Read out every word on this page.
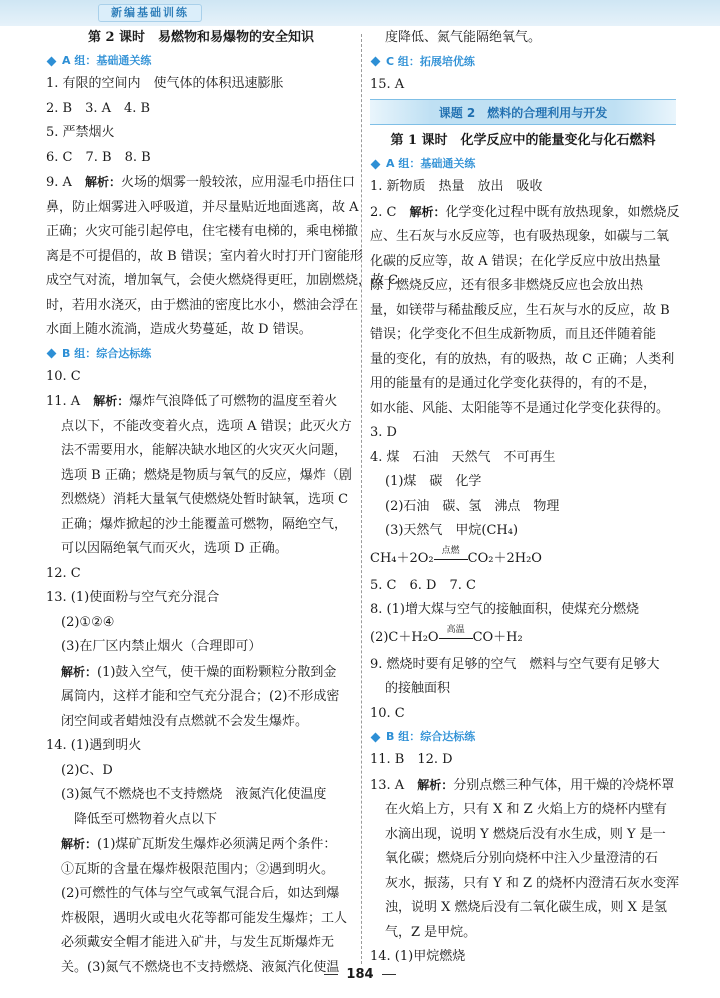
新编基础训练
第 2 课时　易燃物和易爆物的安全知识
A 组：基础通关练
1. 有限的空间内　使气体的体积迅速膨胀
2. B　3. A　4. B
5. 严禁烟火
6. C　7. B　8. B
9. A　解析：火场的烟雾一般较浓，应用湿毛巾捂住口
鼻，防止烟雾进入呼吸道，并尽量贴近地面逃离，故 A
正确；火灾可能引起停电，住宅楼有电梯的，乘电梯撤
离是不可提倡的，故 B 错误；室内着火时打开门窗能形
成空气对流，增加氧气，会使火燃烧得更旺，加剧燃烧，故 C
时，若用水浇灭，由于燃油的密度比水小，燃油会浮在
水面上随水流淌，造成火势蔓延，故 D 错误。
B 组：综合达标练
10. C
11. A　解析：爆炸气浪降低了可燃物的温度至着火
点以下，不能改变着火点，选项 A 错误；此灭火方
法不需要用水，能解决缺水地区的火灾灭火问题，
选项 B 正确；燃烧是物质与氧气的反应，爆炸（剧
烈燃烧）消耗大量氧气使燃烧处暂时缺氧，选项 C
正确；爆炸掀起的沙土能覆盖可燃物，隔绝空气，
可以因隔绝氧气而灭火，选项 D 正确。
12. C
13. (1)使面粉与空气充分混合
(2)①②④
(3)在厂区内禁止烟火（合理即可）
解析：(1)鼓入空气，使干燥的面粉颗粒分散到金
属筒内，这样才能和空气充分混合；(2)不形成密
闭空间或者蜡烛没有点燃就不会发生爆炸。
14. (1)遇到明火
(2)C、D
(3)氮气不燃烧也不支持燃烧　液氮汽化使温度
降低至可燃物着火点以下
解析：(1)煤矿瓦斯发生爆炸必须满足两个条件：
①瓦斯的含量在爆炸极限范围内；②遇到明火。
(2)可燃性的气体与空气或氧气混合后，如达到爆
炸极限，遇明火或电火花等都可能发生爆炸；工人
必须戴安全帽才能进入矿井，与发生瓦斯爆炸无
关。(3)氮气不燃烧也不支持燃烧、液氮汽化使温
度降低、氮气能隔绝氧气。
C 组：拓展培优练
15. A
课题 2　燃料的合理利用与开发
第 1 课时　化学反应中的能量变化与化石燃料
A 组：基础通关练
1. 新物质　热量　放出　吸收
2. C　解析：化学变化过程中既有放热现象，如燃烧反
应、生石灰与水反应等，也有吸热现象，如碳与二氧
化碳的反应等，故 A 错误；在化学反应中放出热量
除了燃烧反应，还有很多非燃烧反应也会放出热
量，如镁带与稀盐酸反应，生石灰与水的反应，故 B
错误；化学变化不但生成新物质，而且还伴随着能
量的变化，有的放热，有的吸热，故 C 正确；人类利
用的能量有的是通过化学变化获得的，有的不是，
如水能、风能、太阳能等不是通过化学变化获得的。
3. D
4. 煤　石油　天然气　不可再生
(1)煤　碳　化学
(2)石油　碳、氢　沸点　物理
(3)天然气　甲烷(CH₄)
CH₄＋2O₂ 点燃 CO₂＋2H₂O
5. C　6. D　7. C
8. (1)增大煤与空气的接触面积，使煤充分燃烧
(2)C＋H₂O 高温 CO＋H₂
9. 燃烧时要有足够的空气　燃料与空气要有足够大
的接触面积
10. C
B 组：综合达标练
11. B　12. D
13. A　解析：分别点燃三种气体，用干燥的冷烧杯罩
在火焰上方，只有 X 和 Z 火焰上方的烧杯内壁有
水滴出现，说明 Y 燃烧后没有水生成，则 Y 是一
氧化碳；燃烧后分别向烧杯中注入少量澄清的石
灰水，振荡，只有 Y 和 Z 的烧杯内澄清石灰水变浑
浊，说明 X 燃烧后没有二氧化碳生成，则 X 是氢
气，Z 是甲烷。
14. (1)甲烷燃烧
184
